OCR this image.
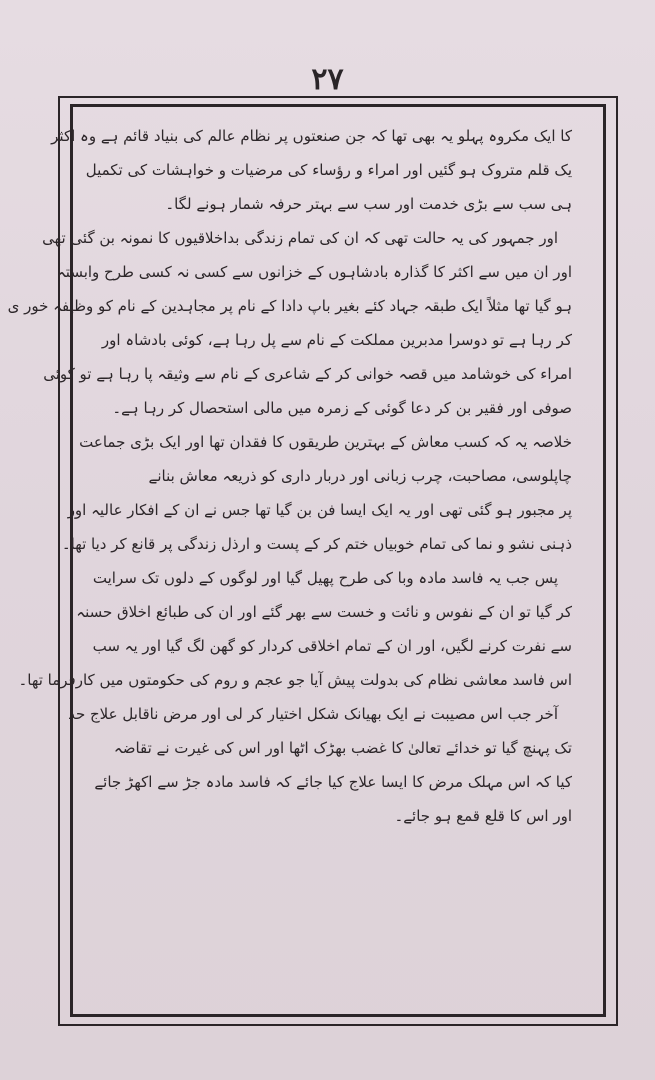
۲۷
کا ایک مکروہ پہلو یہ بھی تھا کہ جن صنعتوں پر نظام عالم کی بنیاد قائم ہے وہ اکثر
یک قلم متروک ہو گئیں اور امراء و رؤساء کی مرضیات و خواہشات کی تکمیل
ہی سب سے بڑی خدمت اور سب سے بہتر حرفہ شمار ہونے لگا۔
اور جمہور کی یہ حالت تھی کہ ان کی تمام زندگی بداخلاقیوں کا نمونہ بن گئی تھی
اور ان میں سے اکثر کا گذارہ بادشاہوں کے خزانوں سے کسی نہ کسی طرح وابستہ
ہو گیا تھا مثلاً ایک طبقہ جہاد کئے بغیر باپ دادا کے نام پر مجاہدین کے نام کو وظیفہ خور ی
کر رہا ہے تو دوسرا مدبرین مملکت کے نام سے پل رہا ہے، کوئی بادشاہ اور
امراء کی خوشامد میں قصہ خوانی کر کے شاعری کے نام سے وثیقہ پا رہا ہے تو کوئی
صوفی اور فقیر بن کر دعا گوئی کے زمرہ میں مالی استحصال کر رہا ہے۔
خلاصہ یہ کہ کسب معاش کے بہترین طریقوں کا فقدان تھا اور ایک بڑی جماعت
چاپلوسی، مصاحبت، چرب زبانی اور دربار داری کو ذریعہ معاش بنانے
پر مجبور ہو گئی تھی اور یہ ایک ایسا فن بن گیا تھا جس نے ان کے افکار عالیہ اور
ذہنی نشو و نما کی تمام خوبیاں ختم کر کے پست و ارذل زندگی پر قانع کر دیا تھا۔
پس جب یہ فاسد مادہ وبا کی طرح پھیل گیا اور لوگوں کے دلوں تک سرایت
کر گیا تو ان کے نفوس و نائت و خست سے بھر گئے اور ان کی طبائع اخلاق حسنہ
سے نفرت کرنے لگیں، اور ان کے تمام اخلاقی کردار کو گھن لگ گیا اور یہ سب
اس فاسد معاشی نظام کی بدولت پیش آیا جو عجم و روم کی حکومتوں میں کارفرما تھا۔
آخر جب اس مصیبت نے ایک بھیانک شکل اختیار کر لی اور مرض ناقابل علاج حد
تک پہنچ گیا تو خدائے تعالیٰ کا غضب بھڑک اٹھا اور اس کی غیرت نے تقاضہ
کیا کہ اس مہلک مرض کا ایسا علاج کیا جائے کہ فاسد مادہ جڑ سے اکھڑ جائے
اور اس کا قلع قمع ہو جائے۔
